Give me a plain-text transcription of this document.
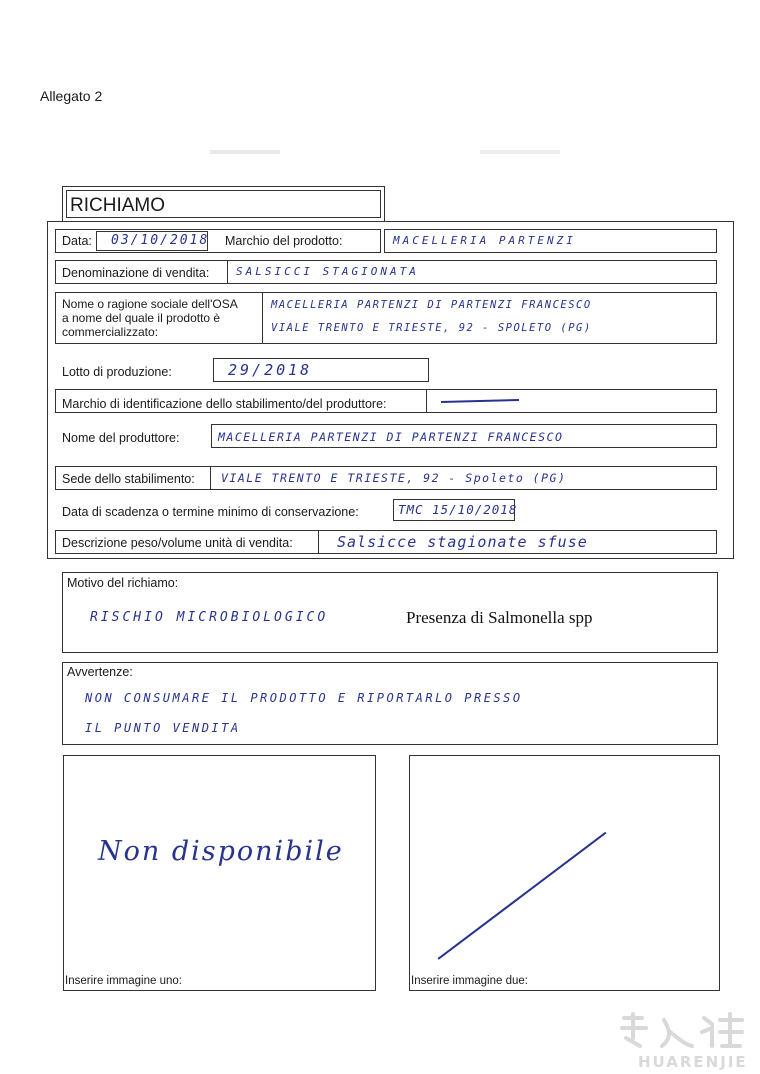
Allegato 2
RICHIAMO
Data: 03/10/2018 Marchio del prodotto:	MACELLERIA PARTENZI
Denominazione di vendita: SALSICCI STAGIONATA
Nome o ragione sociale dell'OSA
a nome del quale il prodotto è
commercializzato:
MACELLERIA PARTENZI DI PARTENZI FRANCESCO
VIALE TRENTO E TRIESTE, 92 - SPOLETO (PG)
Lotto di produzione:	29/2018
Marchio di identificazione dello stabilimento/del produttore:
Nome del produttore:	MACELLERIA PARTENZI DI PARTENZI FRANCESCO
Sede dello stabilimento: VIALE TRENTO E TRIESTE, 92 - Spoleto (PG)
Data di scadenza o termine minimo di conservazione:	TMC 15/10/2018
Descrizione peso/volume unità di vendita:	Salsicce stagionate sfuse
Motivo del richiamo:
RISCHIO MICROBIOLOGICO	Presenza di Salmonella spp
Avvertenze:
NON CONSUMARE IL PRODOTTO E RIPORTARLO PRESSO
IL PUNTO VENDITA
Non disponibile
Inserire immagine uno:	Inserire immagine due:
HUARENJIE
